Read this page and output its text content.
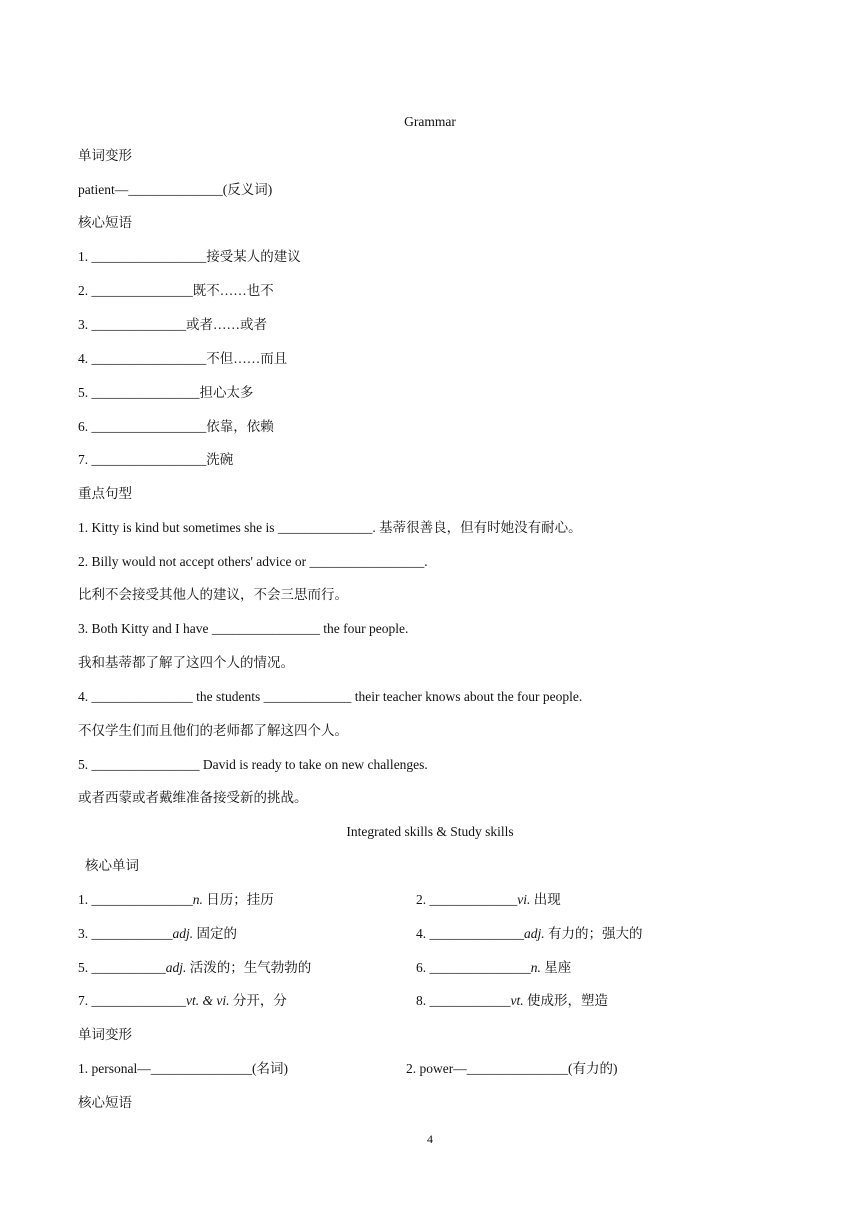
Grammar
单词变形
patient—______________(反义词)
核心短语
1. _________________接受某人的建议
2. _______________既不……也不
3. ______________或者……或者
4. _________________不但……而且
5. ________________担心太多
6. _________________依靠，依赖
7. _________________洗碗
重点句型
1. Kitty is kind but sometimes she is ______________. 基蒂很善良，但有时她没有耐心。
2. Billy would not accept others' advice or _________________.
比利不会接受其他人的建议，不会三思而行。
3. Both Kitty and I have ________________ the four people.
我和基蒂都了解了这四个人的情况。
4. _______________ the students _____________ their teacher knows about the four people.
不仅学生们而且他们的老师都了解这四个人。
5. ________________ David is ready to take on new challenges.
或者西蒙或者戴维准备接受新的挑战。
Integrated skills & Study skills
核心单词
1. _______________n. 日历；挂历	2. _____________vi. 出现
3. ____________adj. 固定的	4. ______________adj. 有力的；强大的
5. ___________adj. 活泼的；生气勃勃的	6. _______________n. 星座
7. ______________vt. & vi. 分开，分	8. ____________vt. 使成形，塑造
单词变形
1. personal—_______________(名词)	2. power—_______________(有力的)
核心短语
4
